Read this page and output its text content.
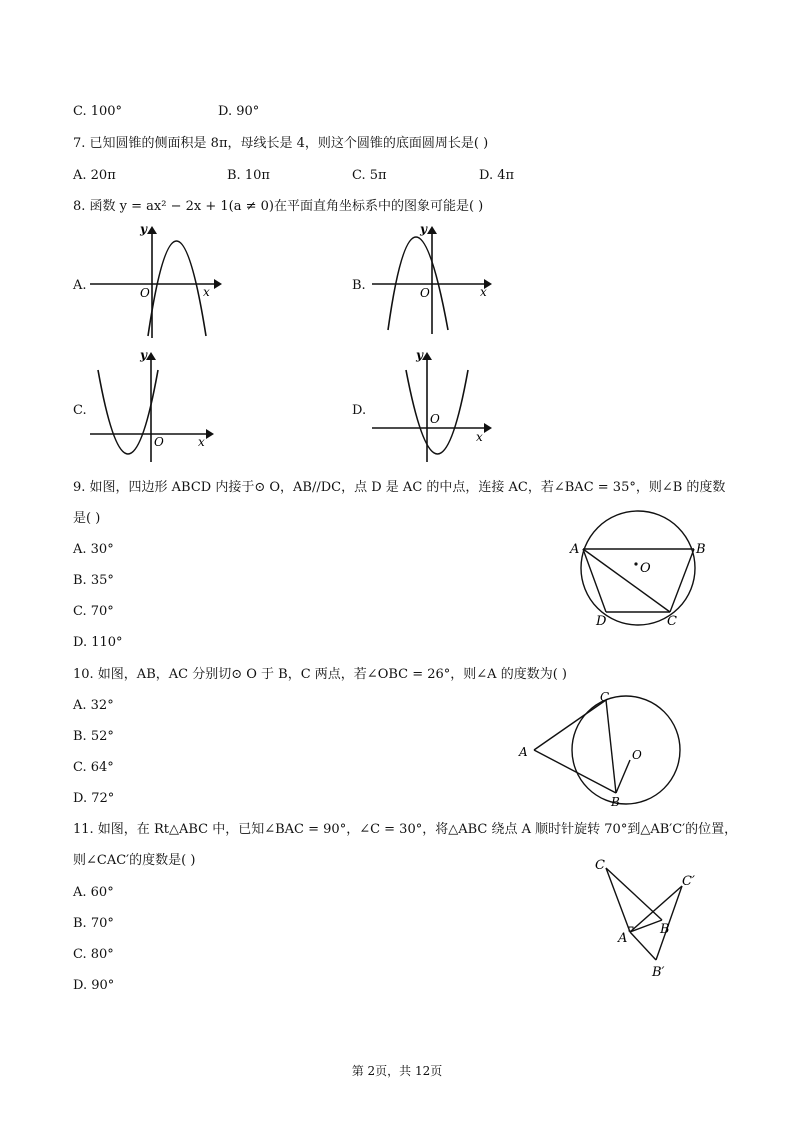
C. 100°	D. 90°
7. 已知圆锥的侧面积是 8π，母线长是 4，则这个圆锥的底面圆周长是( )
A. 20π	B. 10π	C. 5π	D. 4π
8. 函数 y = ax² − 2x + 1(a ≠ 0)在平面直角坐标系中的图象可能是( )
A.
y
O	x	B.
y
O	x
C.
y
O	x
D.
y
O
x
9. 如图，四边形 ABCD 内接于⊙ O，AB//DC，点 D 是 AC 的中点，连接 AC，若∠BAC = 35°，则∠B 的度数
是( )
A. 30°
B. 35°
C. 70°
D. 110°
A	B
C
D
O
10. 如图，AB，AC 分别切⊙ O 于 B，C 两点，若∠OBC = 26°，则∠A 的度数为( )
A. 32°
B. 52°
C. 64°
D. 72°
A
C
B
O
11. 如图，在 Rt△ABC 中，已知∠BAC = 90°，∠C = 30°，将△ABC 绕点 A 顺时针旋转 70°到△AB′C′的位置，
则∠CAC′的度数是( )
A. 60°
B. 70°
C. 80°
D. 90°
C
C′
A
B
B′
第 2页，共 12页
